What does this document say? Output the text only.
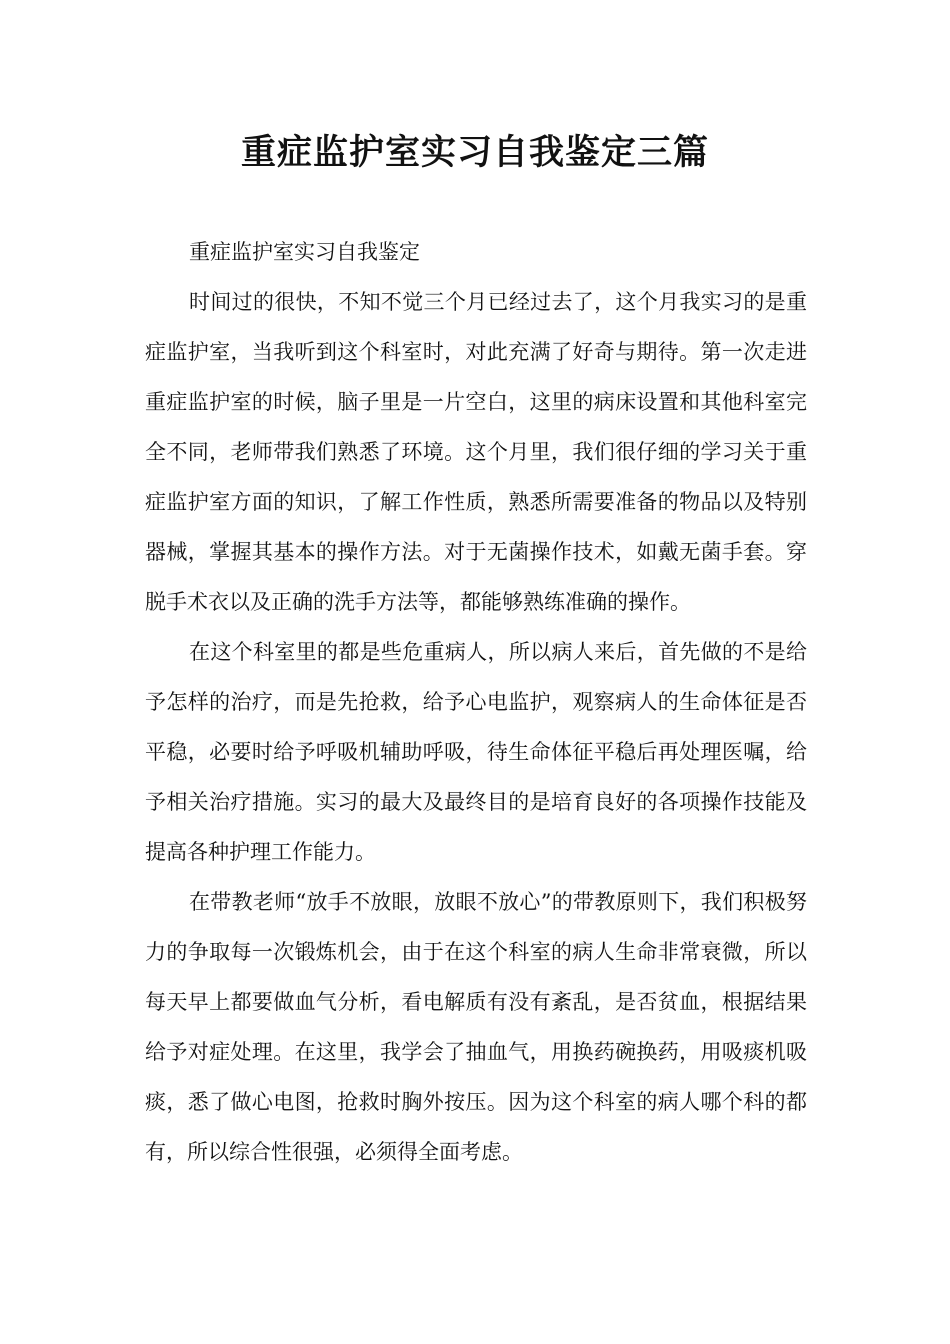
重症监护室实习自我鉴定三篇

重症监护室实习自我鉴定

时间过的很快，不知不觉三个月已经过去了，这个月我实习的是重症监护室，当我听到这个科室时，对此充满了好奇与期待。第一次走进重症监护室的时候，脑子里是一片空白，这里的病床设置和其他科室完全不同，老师带我们熟悉了环境。这个月里，我们很仔细的学习关于重症监护室方面的知识，了解工作性质，熟悉所需要准备的物品以及特别器械，掌握其基本的操作方法。对于无菌操作技术，如戴无菌手套。穿脱手术衣以及正确的洗手方法等，都能够熟练准确的操作。

在这个科室里的都是些危重病人，所以病人来后，首先做的不是给予怎样的治疗，而是先抢救，给予心电监护，观察病人的生命体征是否平稳，必要时给予呼吸机辅助呼吸，待生命体征平稳后再处理医嘱，给予相关治疗措施。实习的最大及最终目的是培育良好的各项操作技能及提高各种护理工作能力。

在带教老师“放手不放眼，放眼不放心”的带教原则下，我们积极努力的争取每一次锻炼机会，由于在这个科室的病人生命非常衰微，所以每天早上都要做血气分析，看电解质有没有紊乱，是否贫血，根据结果给予对症处理。在这里，我学会了抽血气，用换药碗换药，用吸痰机吸痰，悉了做心电图，抢救时胸外按压。因为这个科室的病人哪个科的都有，所以综合性很强，必须得全面考虑。
